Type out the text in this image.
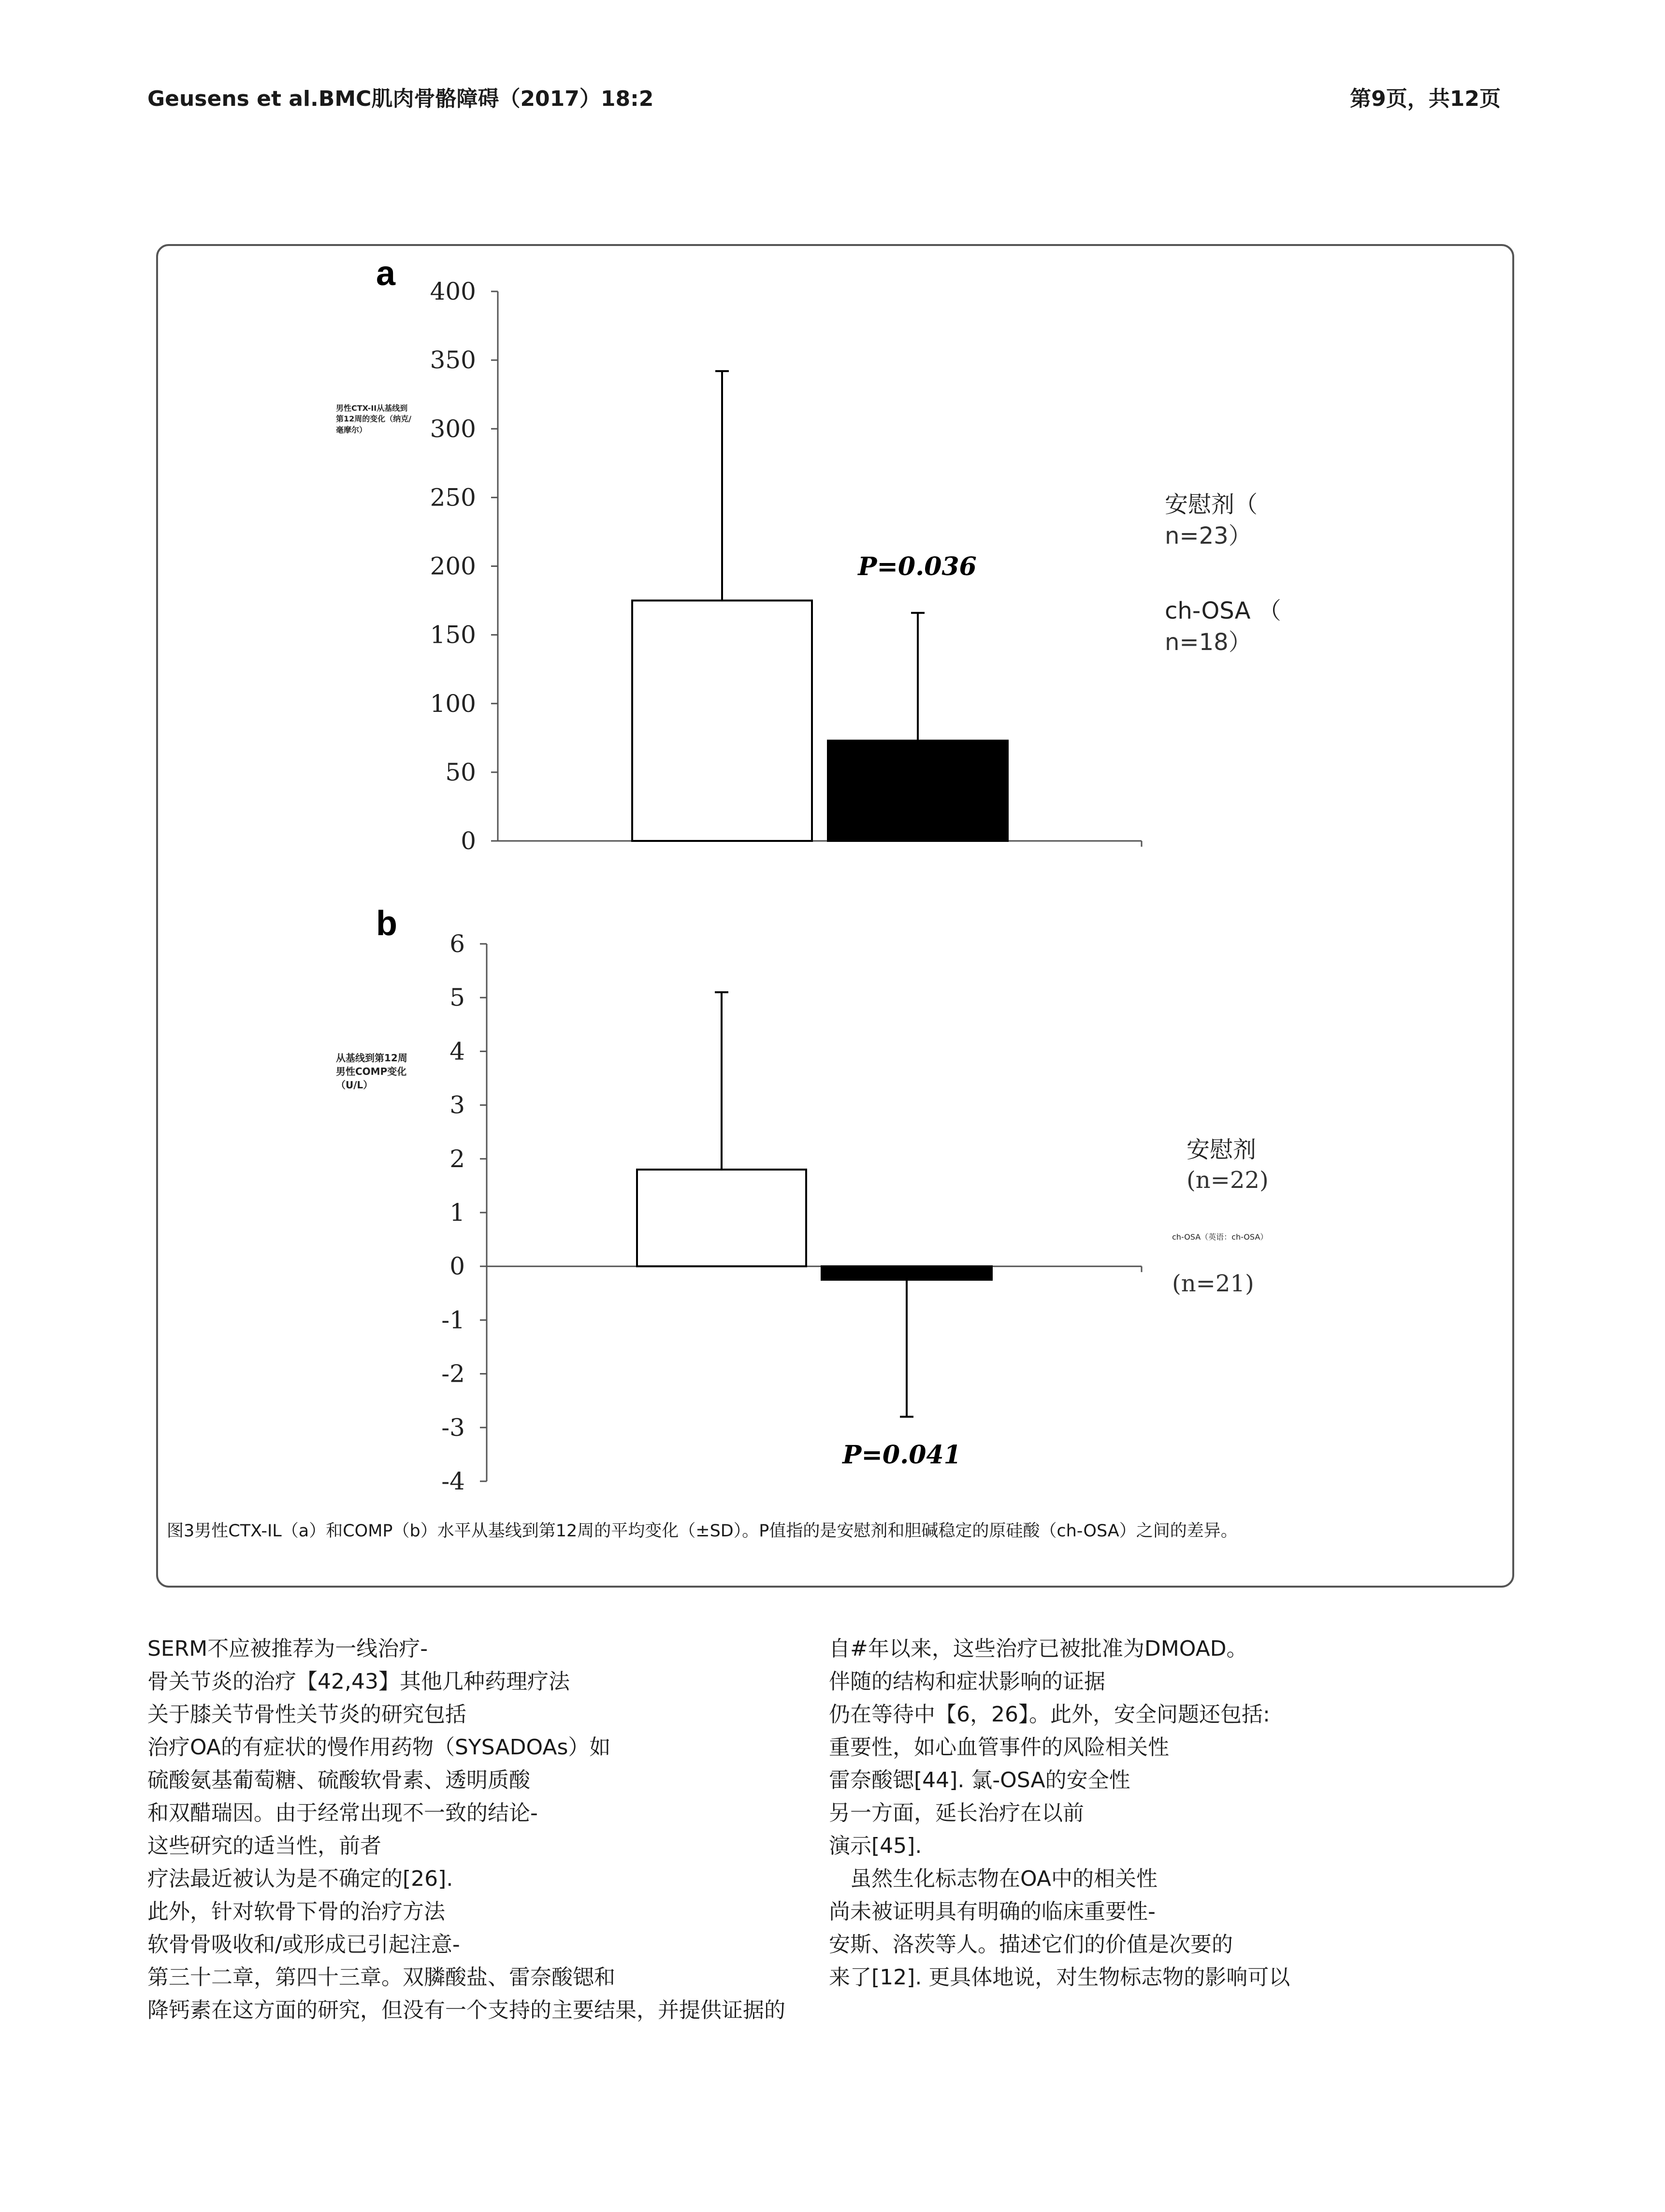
Geusens et al.BMC肌肉骨骼障碍（2017）18:2	第9页，共12页
a
0
50
100
150
200
250
300
350
400
男性CTX-II从基线到第12周的变化（纳克/毫摩尔）
安慰剂（
n=23）
ch-OSA （
n=18）
P=0.036
b
-4
-3
-2
-1
0
1
2
3
4
5
6
从基线到第12周男性COMP变化（U/L）
安慰剂
(n=22)
ch-OSA（英语：ch-OSA）
(n=21)
P=0.041
图3男性CTX-IL（a）和COMP（b）水平从基线到第12周的平均变化（±SD）。P值指的是安慰剂和胆碱稳定的原硅酸（ch-OSA）之间的差异。

SERM不应被推荐为一线治疗-

骨关节炎的治疗【42,43】其他几种药理疗法

关于膝关节骨性关节炎的研究包括

治疗OA的有症状的慢作用药物（SYSADOAs）如

硫酸氨基葡萄糖、硫酸软骨素、透明质酸

和双醋瑞因。由于经常出现不一致的结论-

这些研究的适当性，前者

疗法最近被认为是不确定的[26].

此外，针对软骨下骨的治疗方法

软骨骨吸收和/或形成已引起注意-

第三十二章，第四十三章。双膦酸盐、雷奈酸锶和

降钙素在这方面的研究，但没有一个支持的主要结果，并提供证据的

自#年以来，这些治疗已被批准为DMOAD。

伴随的结构和症状影响的证据

仍在等待中【6，26】。此外，安全问题还包括:

重要性，如心血管事件的风险相关性

雷奈酸锶[44]. 氯-OSA的安全性

另一方面，延长治疗在以前

演示[45].

　虽然生化标志物在OA中的相关性

尚未被证明具有明确的临床重要性-

安斯、洛茨等人。描述它们的价值是次要的

来了[12]. 更具体地说，对生物标志物的影响可以
